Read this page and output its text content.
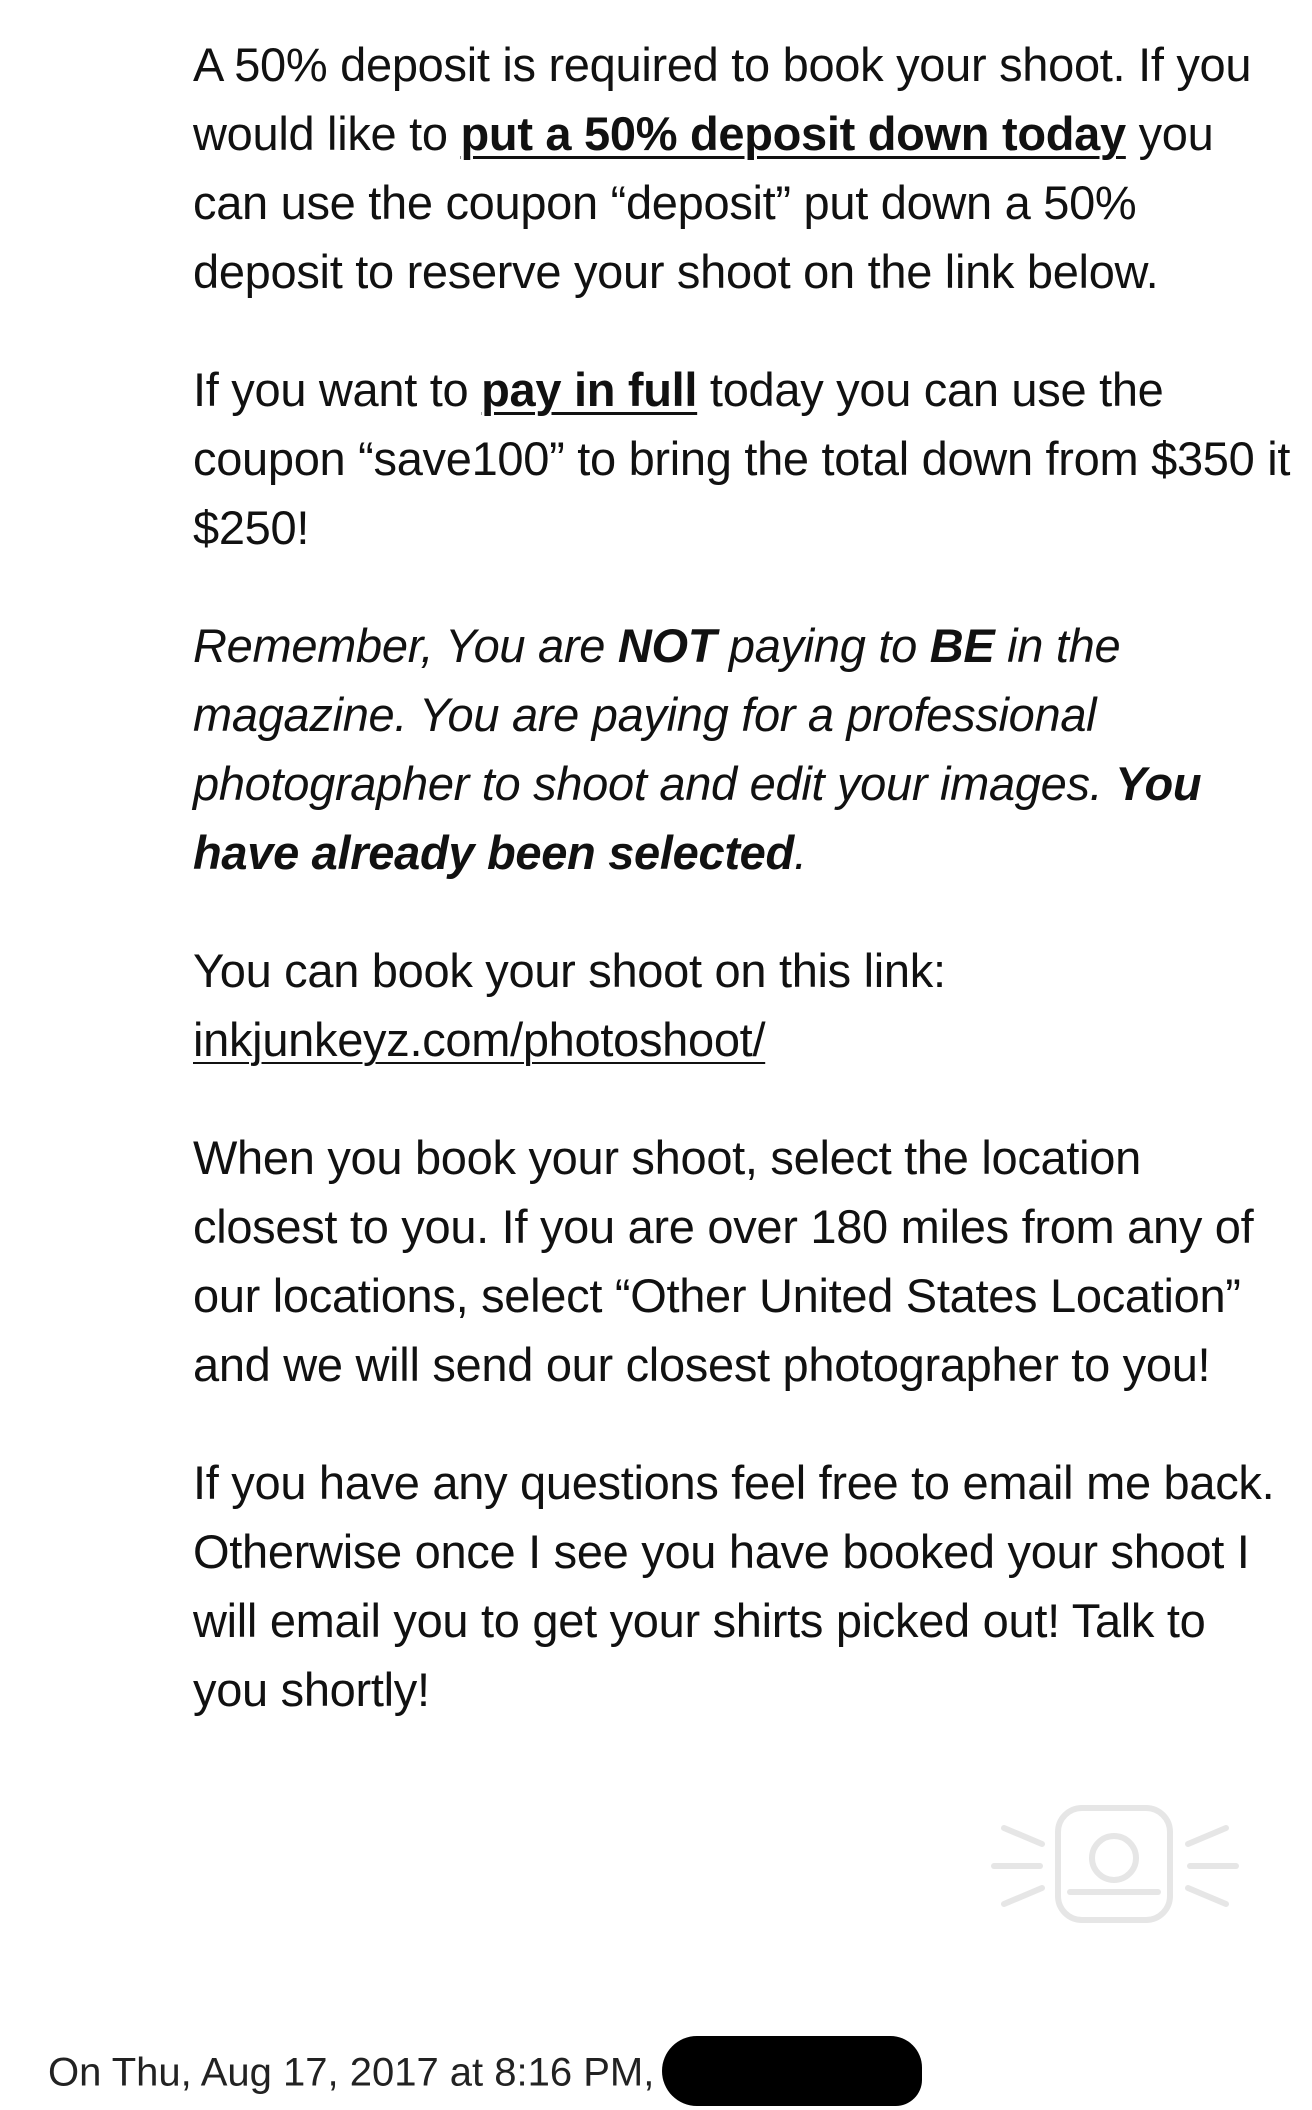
A 50% deposit is required to book your shoot. If you would like to put a 50% deposit down today you can use the coupon “deposit” put down a 50% deposit to reserve your shoot on the link below.

If you want to pay in full today you can use the coupon “save100” to bring the total down from $350 it $250!

Remember, You are NOT paying to BE in the magazine. You are paying for a professional photographer to shoot and edit your images. You have already been selected.

You can book your shoot on this link:
inkjunkeyz.com/photoshoot/

When you book your shoot, select the location closest to you. If you are over 180 miles from any of our locations, select “Other United States Location” and we will send our closest photographer to you!

If you have any questions feel free to email me back. Otherwise once I see you have booked your shoot I will email you to get your shirts picked out! Talk to you shortly!

On Thu, Aug 17, 2017 at 8:16 PM,
